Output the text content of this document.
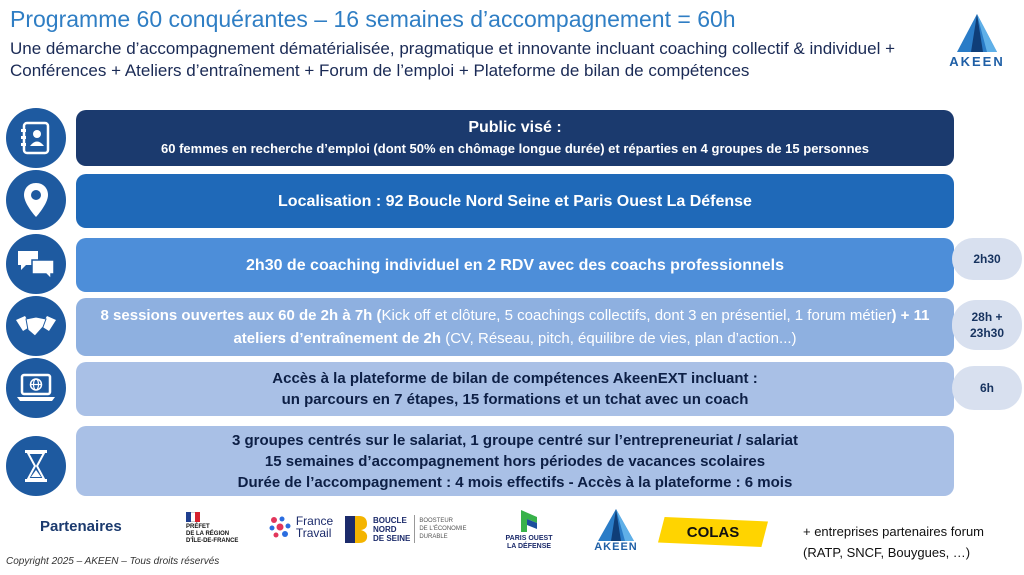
Programme 60 conquérantes – 16 semaines d’accompagnement = 60h
Une démarche d’accompagnement dématérialisée, pragmatique et innovante incluant coaching collectif & individuel + Conférences + Ateliers d’entraînement + Forum de l’emploi + Plateforme de bilan de compétences	AKEEN
Public visé :
60 femmes en recherche d’emploi (dont 50% en chômage longue durée) et réparties en 4 groupes de 15 personnes
Localisation : 92 Boucle Nord Seine et Paris Ouest La Défense
2h30 de coaching individuel en 2 RDV avec des coachs professionnels	2h30
8 sessions ouvertes aux 60 de 2h à 7h (Kick off et clôture, 5 coachings collectifs, dont 3 en présentiel, 1 forum métier) + 11 ateliers d’entraînement de 2h (CV, Réseau, pitch, équilibre de vies, plan d’action...)
28h +
23h30
Accès à la plateforme de bilan de compétences AkeenEXT incluant :
un parcours en 7 étapes, 15 formations et un tchat avec un coach
6h
3 groupes centrés sur le salariat, 1 groupe centré sur l’entrepreneuriat / salariat
15 semaines d’accompagnement hors périodes de vacances scolaires
Durée de l’accompagnement : 4 mois effectifs - Accès à la plateforme : 6 mois
Partenaires	PRÉFET
DE LA RÉGION
D'ÎLE-DE-FRANCE
France
Travail
BOUCLE
NORD
DE SEINE
BOOSTEUR
DE L'ÉCONOMIE
DURABLE	PARIS OUEST
LA DÉFENSE	AKEEN
COLAS	+ entreprises partenaires forum
(RATP, SNCF, Bouygues, …)
Copyright 2025 – AKEEN – Tous droits réservés
